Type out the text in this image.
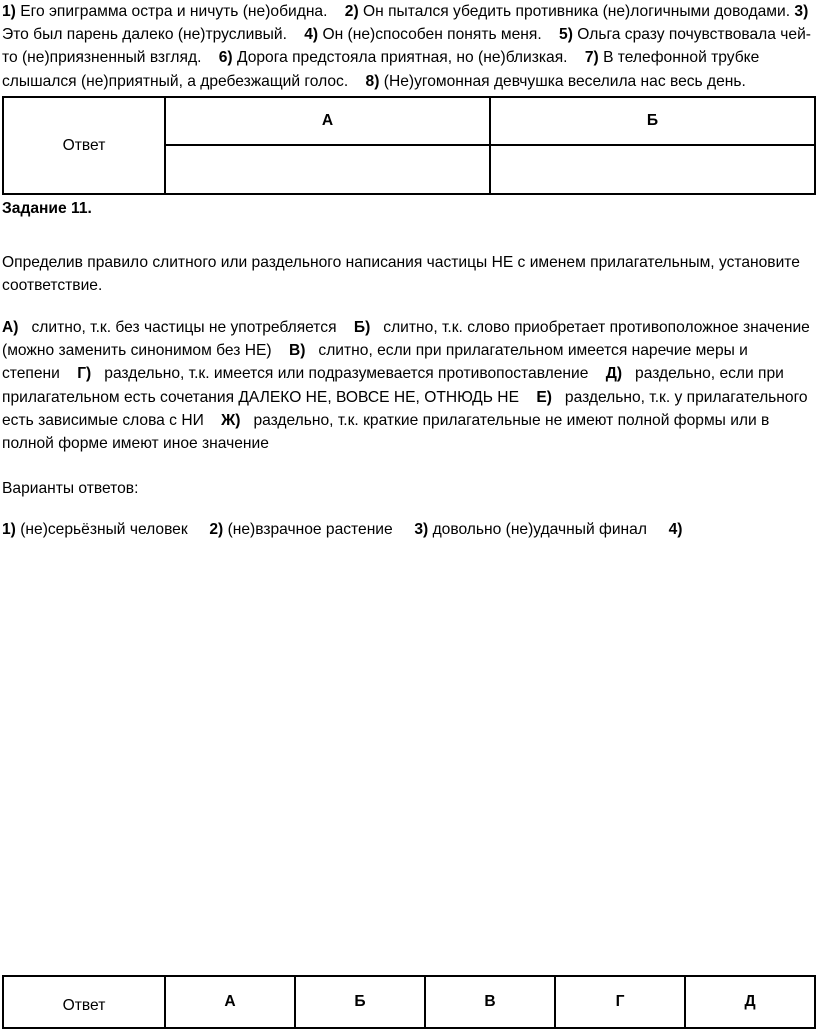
1) Его эпиграмма остра и ничуть (не)обидна. 2) Он пытался убедить противника (не)логичными доводами. 3) Это был парень далеко (не)трусливый. 4) Он (не)способен понять меня. 5) Ольга сразу почувствовала чей-то (не)приязненный взгляд. 6) Дорога предстояла приятная, но (не)близкая. 7) В телефонной трубке слышался (не)приятный, а дребезжащий голос. 8) (Не)угомонная девчушка веселила нас весь день.

Ответ	А	Б

Задание 11.

Определив правило слитного или раздельного написания частицы НЕ с именем прилагательным, установите соответствие.

А) слитно, т.к. без частицы не употребляется Б) слитно, т.к. слово приобретает противоположное значение (можно заменить синонимом без НЕ) В) слитно, если при прилагательном имеется наречие меры и степени Г) раздельно, т.к. имеется или подразумевается противопоставление Д) раздельно, если при прилагательном есть сочетания ДАЛЕКО НЕ, ВОВСЕ НЕ, ОТНЮДЬ НЕ Е) раздельно, т.к. у прилагательного есть зависимые слова с НИ Ж) раздельно, т.к. краткие прилагательные не имеют полной формы или в полной форме имеют иное значение

Варианты ответов:

1) (не)серьёзный человек 2) (не)взрачное растение 3) довольно (не)удачный финал 4)

Ответ	А	Б	В	Г	Д
